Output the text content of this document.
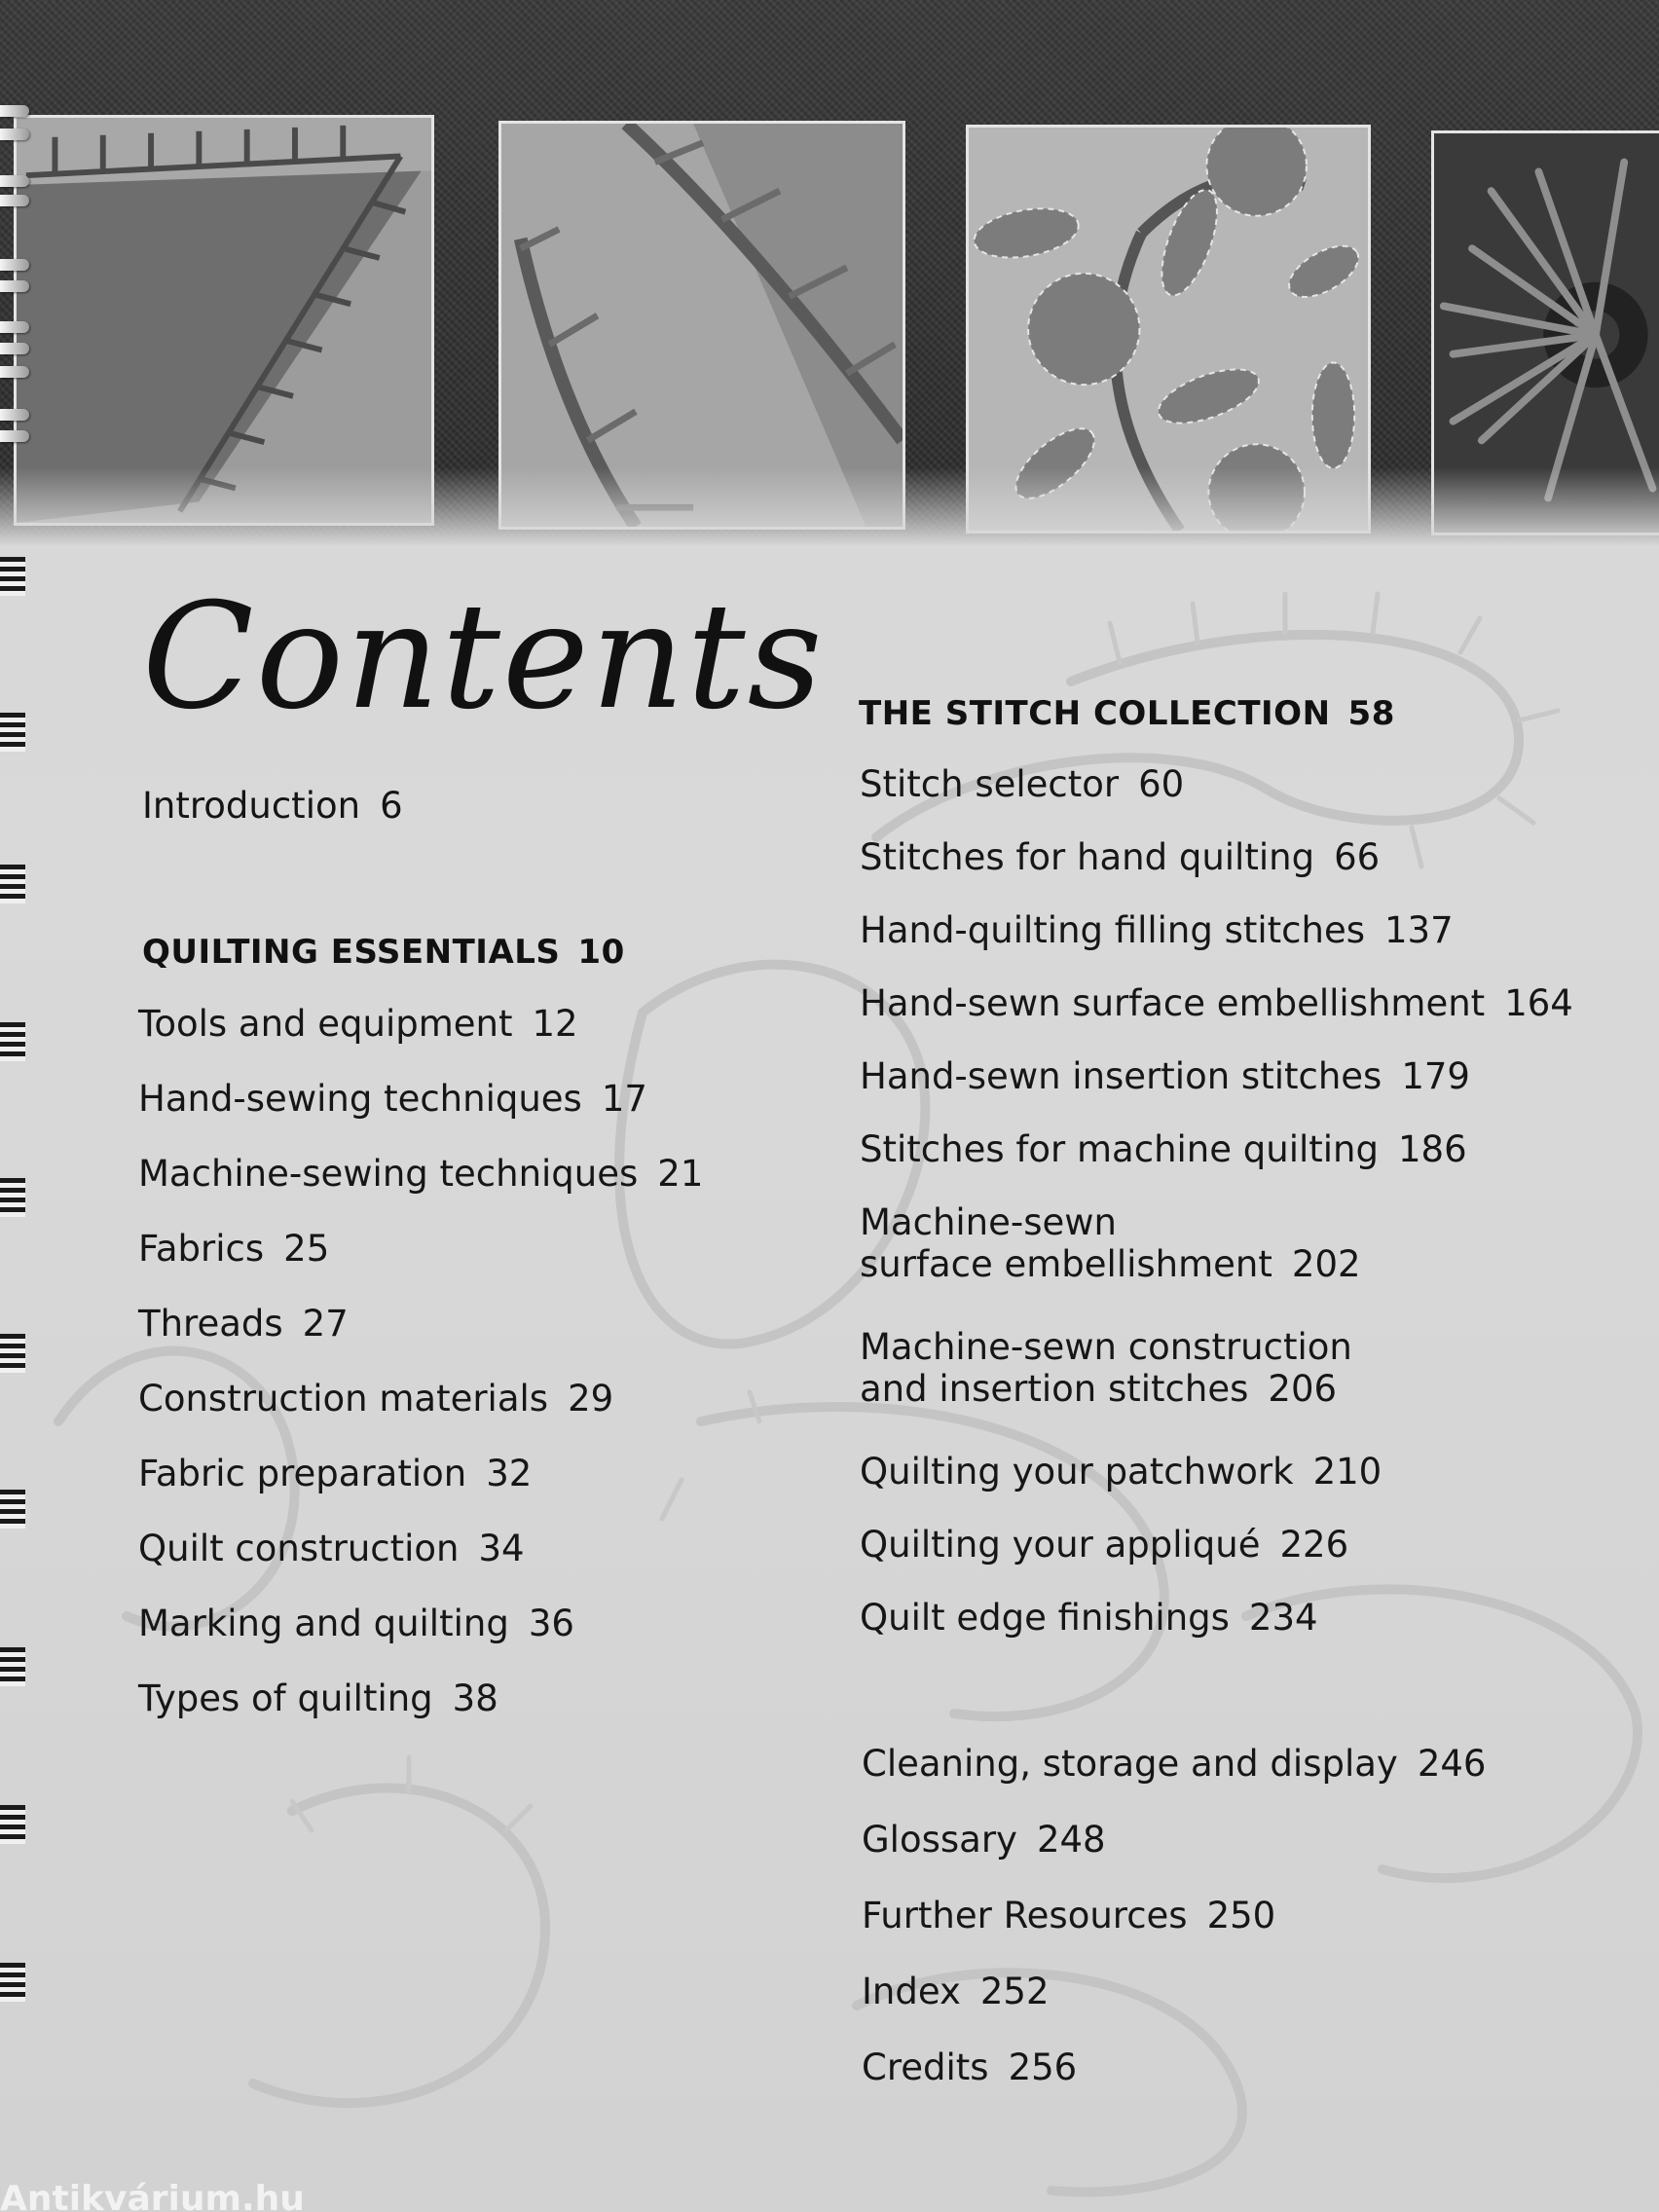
Contents

Introduction 6

QUILTING ESSENTIALS 10
Tools and equipment 12
Hand-sewing techniques 17
Machine-sewing techniques 21
Fabrics 25
Threads 27
Construction materials 29
Fabric preparation 32
Quilt construction 34
Marking and quilting 36
Types of quilting 38
THE STITCH COLLECTION 58
Stitch selector 60
Stitches for hand quilting 66
Hand-quilting filling stitches 137
Hand-sewn surface embellishment 164
Hand-sewn insertion stitches 179
Stitches for machine quilting 186
Machine-sewn
surface embellishment 202
Machine-sewn construction
and insertion stitches 206
Quilting your patchwork 210
Quilting your appliqué 226
Quilt edge finishings 234
Cleaning, storage and display 246
Glossary 248
Further Resources 250
Index 252
Credits 256
Antikvárium.hu
